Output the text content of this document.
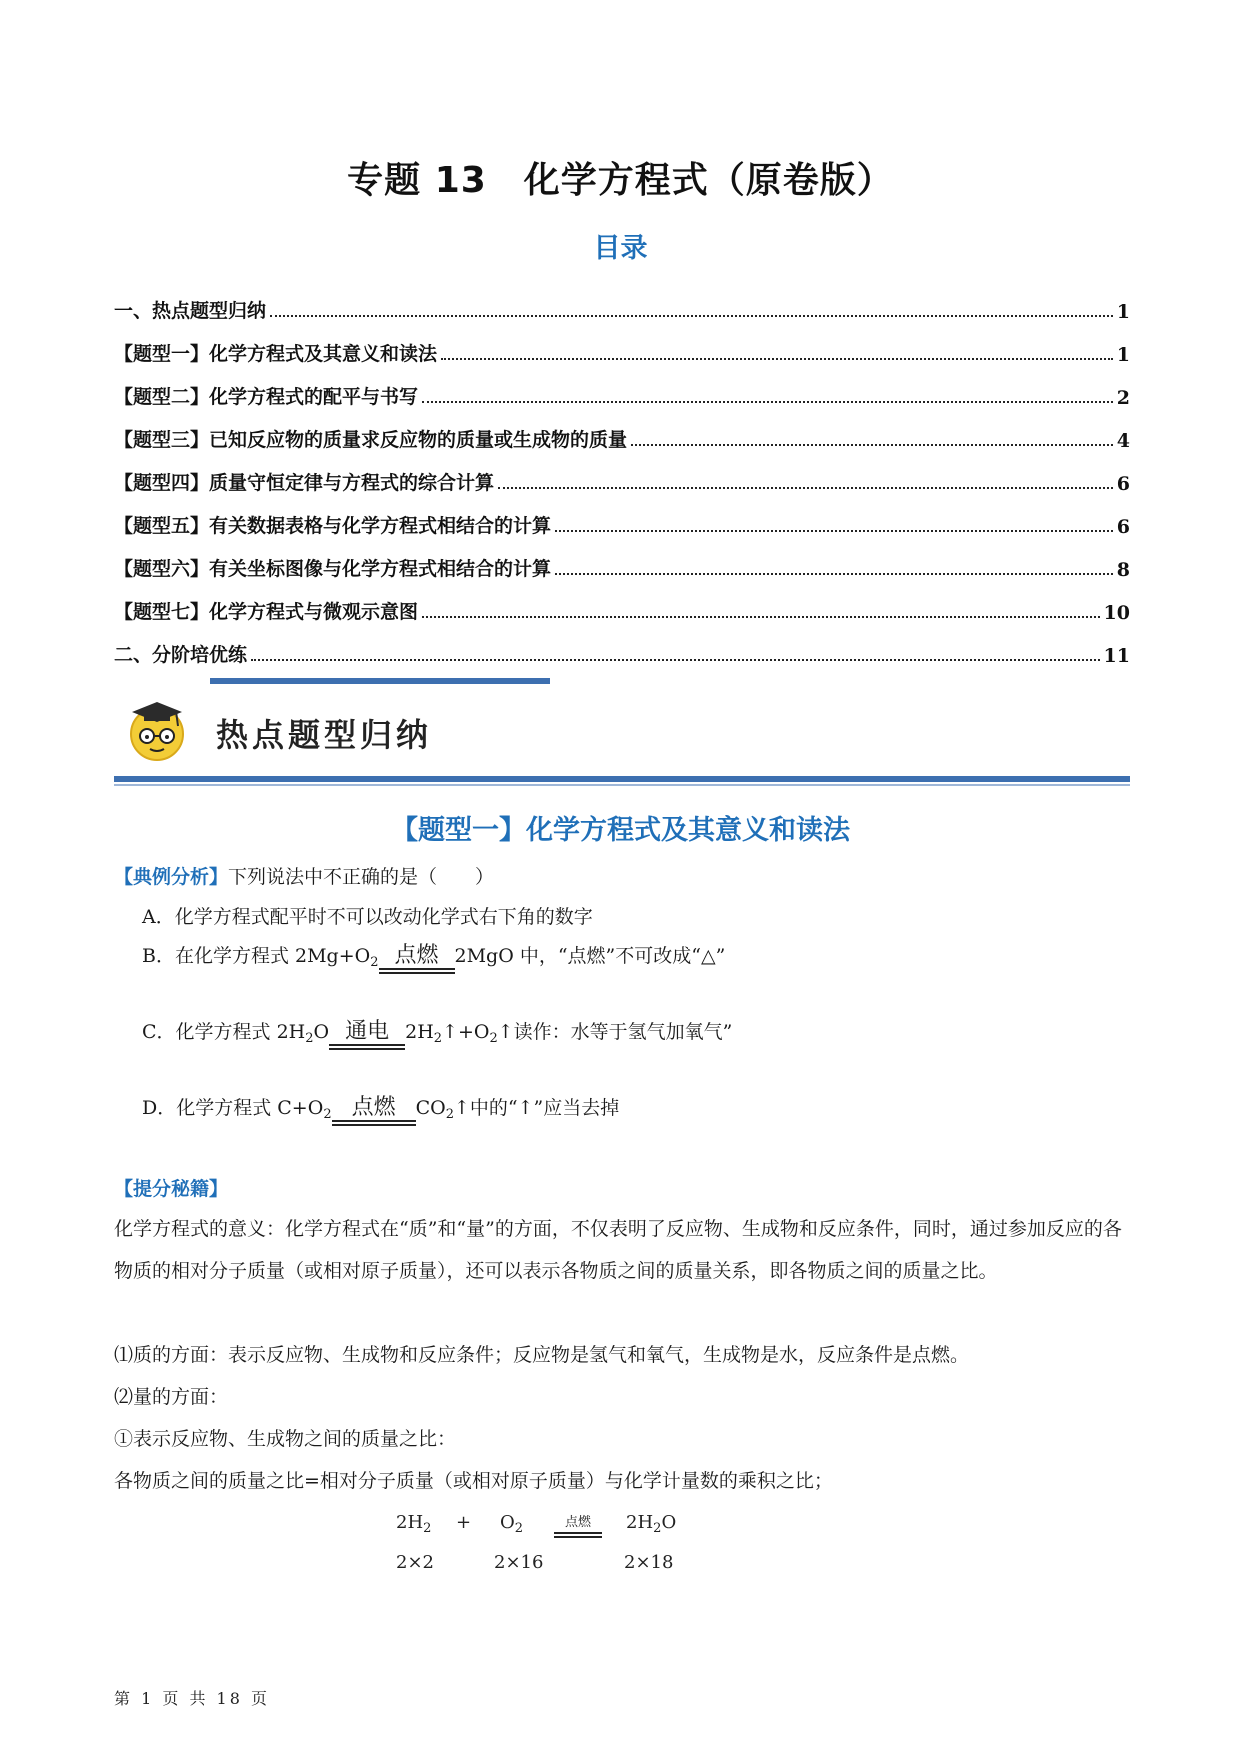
专题 13　化学方程式（原卷版）
目录
一、热点题型归纳	1
【题型一】化学方程式及其意义和读法	1
【题型二】化学方程式的配平与书写	2
【题型三】已知反应物的质量求反应物的质量或生成物的质量	4
【题型四】质量守恒定律与方程式的综合计算	6
【题型五】有关数据表格与化学方程式相结合的计算	6
【题型六】有关坐标图像与化学方程式相结合的计算	8
【题型七】化学方程式与微观示意图	10
二、分阶培优练	11
热点题型归纳
【题型一】化学方程式及其意义和读法
【典例分析】下列说法中不正确的是（　　）
A．化学方程式配平时不可以改动化学式右下角的数字
B．在化学方程式 $2Mg+O_2$ 点燃 2MgO 中，“点燃”不可改成“△”
C．化学方程式 $2H_2O$ 通电 $2H_2↑+O_2↑$读作：水等于氢气加氧气”
D．化学方程式 $C+O_2$ 点燃	$CO_2↑$中的“↑”应当去掉
【提分秘籍】
化学方程式的意义：化学方程式在“质”和“量”的方面，不仅表明了反应物、生成物和反应条件，同时，通过参加反应的各物质的相对分子质量（或相对原子质量），还可以表示各物质之间的质量关系，即各物质之间的质量之比。
⑴质的方面：表示反应物、生成物和反应条件；反应物是氢气和氧气，生成物是水，反应条件是点燃。
⑵量的方面：
①表示反应物、生成物之间的质量之比：
各物质之间的质量之比=相对分子质量（或相对原子质量）与化学计量数的乘积之比；
$2H_2 + O_2$	点燃	$2H_2O$
2×2	2×16	2×18
第 1 页 共 18 页
